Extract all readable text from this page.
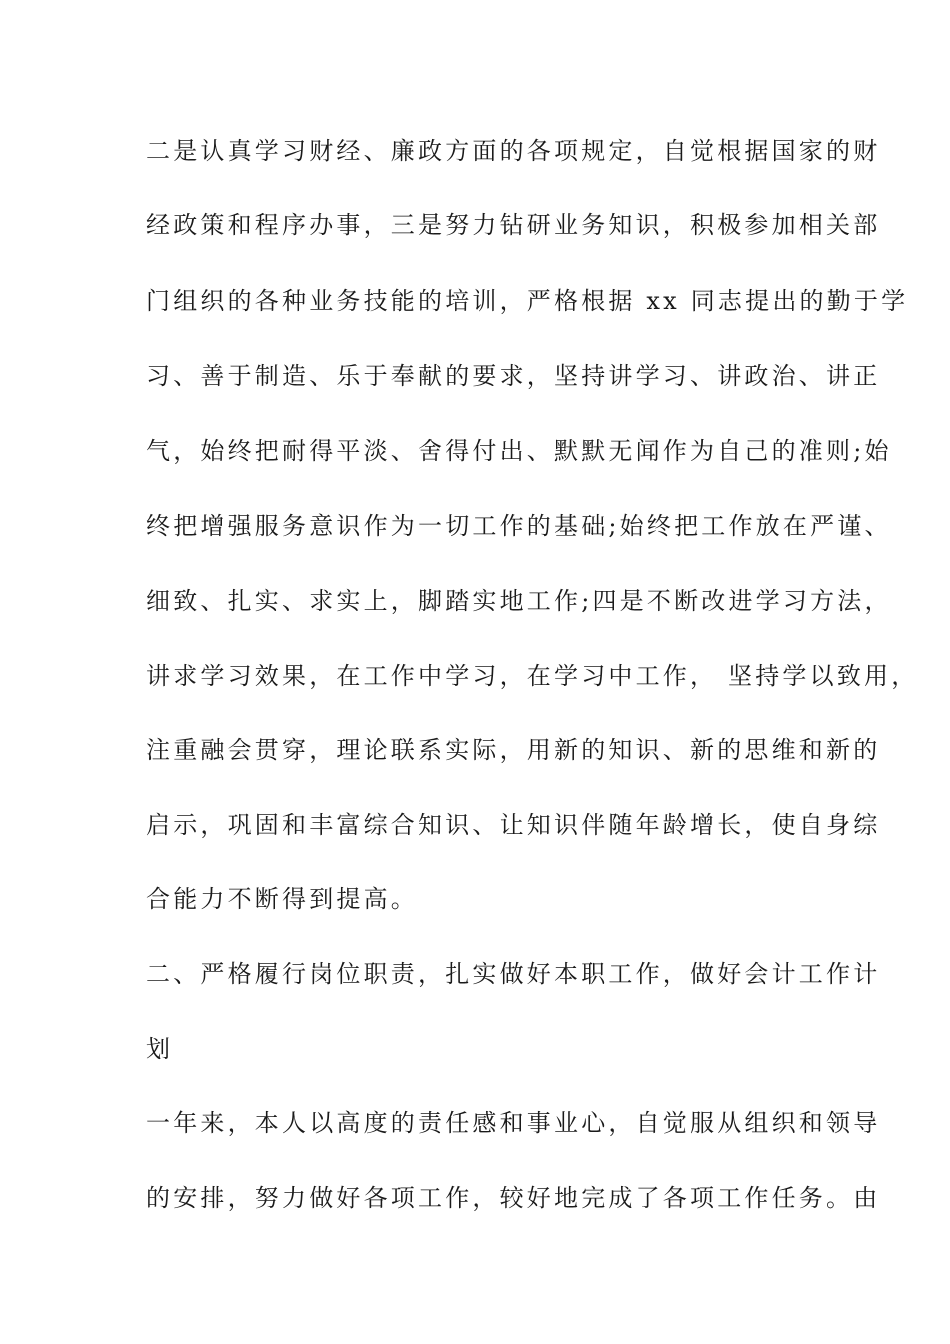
二是认真学习财经、廉政方面的各项规定，自觉根据国家的财
经政策和程序办事，三是努力钻研业务知识，积极参加相关部
门组织的各种业务技能的培训，严格根据 xx 同志提出的勤于学
习、善于制造、乐于奉献的要求，坚持讲学习、讲政治、讲正
气，始终把耐得平淡、舍得付出、默默无闻作为自己的准则;始
终把增强服务意识作为一切工作的基础;始终把工作放在严谨、
细致、扎实、求实上，脚踏实地工作;四是不断改进学习方法，
讲求学习效果，在工作中学习，在学习中工作， 坚持学以致用，
注重融会贯穿，理论联系实际，用新的知识、新的思维和新的
启示，巩固和丰富综合知识、让知识伴随年龄增长，使自身综
合能力不断得到提高。
二、严格履行岗位职责，扎实做好本职工作，做好会计工作计
划
一年来，本人以高度的责任感和事业心，自觉服从组织和领导
的安排，努力做好各项工作，较好地完成了各项工作任务。由
